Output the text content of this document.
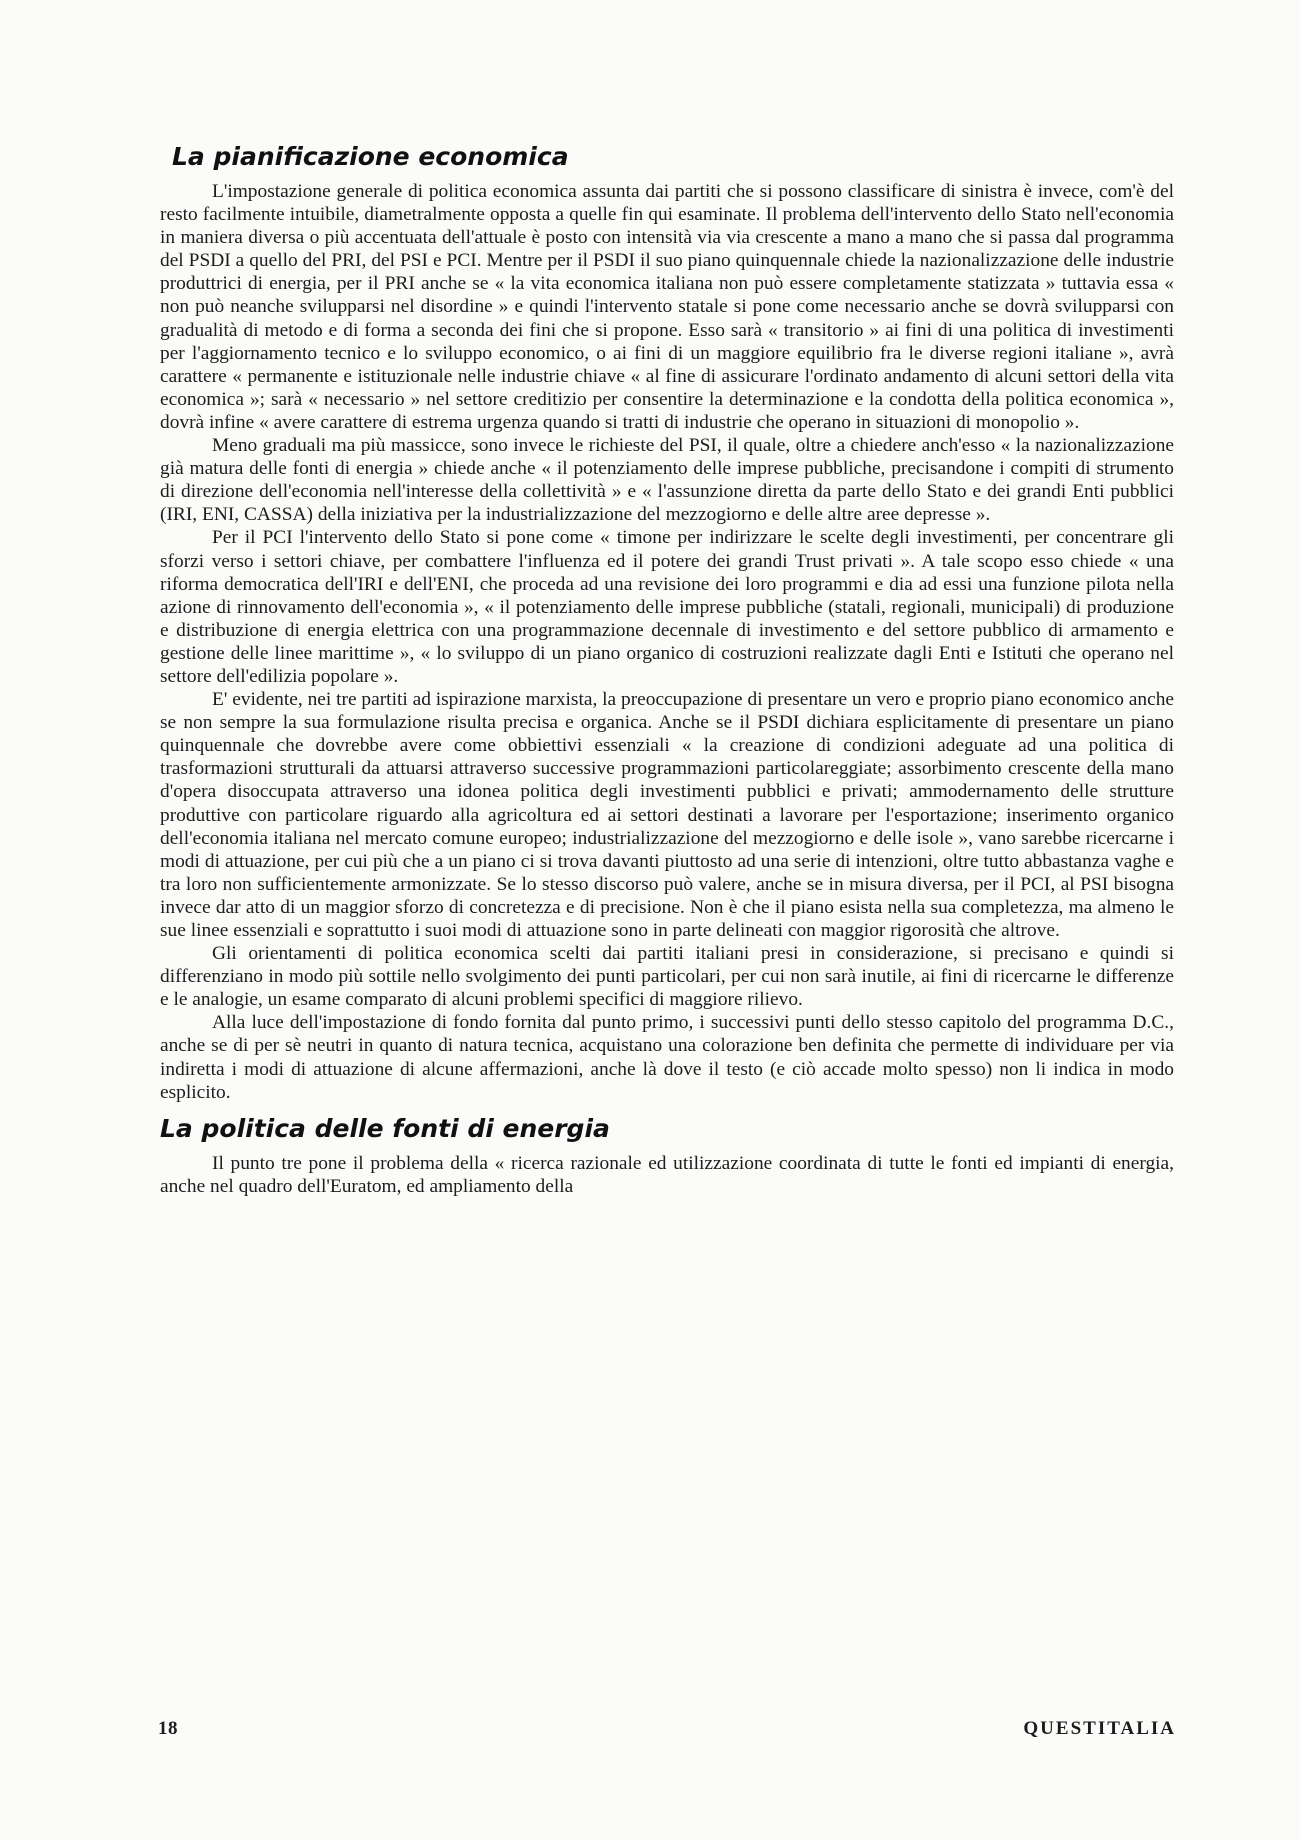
La pianificazione economica

L'impostazione generale di politica economica assunta dai partiti che si possono classificare di sinistra è invece, com'è del resto facilmente intuibile, diametralmente opposta a quelle fin qui esaminate. Il problema dell'intervento dello Stato nell'economia in maniera diversa o più accentuata dell'attuale è posto con intensità via via crescente a mano a mano che si passa dal programma del PSDI a quello del PRI, del PSI e PCI. Mentre per il PSDI il suo piano quinquennale chiede la nazionalizzazione delle industrie produttrici di energia, per il PRI anche se « la vita economica italiana non può essere completamente statizzata » tuttavia essa « non può neanche svilupparsi nel disordine » e quindi l'intervento statale si pone come necessario anche se dovrà svilupparsi con gradualità di metodo e di forma a seconda dei fini che si propone. Esso sarà « transitorio » ai fini di una politica di investimenti per l'aggiornamento tecnico e lo sviluppo economico, o ai fini di un maggiore equilibrio fra le diverse regioni italiane », avrà carattere « permanente e istituzionale nelle industrie chiave « al fine di assicurare l'ordinato andamento di alcuni settori della vita economica »; sarà « necessario » nel settore creditizio per consentire la determinazione e la condotta della politica economica », dovrà infine « avere carattere di estrema urgenza quando si tratti di industrie che operano in situazioni di monopolio ».

Meno graduali ma più massicce, sono invece le richieste del PSI, il quale, oltre a chiedere anch'esso « la nazionalizzazione già matura delle fonti di energia » chiede anche « il potenziamento delle imprese pubbliche, precisandone i compiti di strumento di direzione dell'economia nell'interesse della collettività » e « l'assunzione diretta da parte dello Stato e dei grandi Enti pubblici (IRI, ENI, CASSA) della iniziativa per la industrializzazione del mezzogiorno e delle altre aree depresse ».

Per il PCI l'intervento dello Stato si pone come « timone per indirizzare le scelte degli investimenti, per concentrare gli sforzi verso i settori chiave, per combattere l'influenza ed il potere dei grandi Trust privati ». A tale scopo esso chiede « una riforma democratica dell'IRI e dell'ENI, che proceda ad una revisione dei loro programmi e dia ad essi una funzione pilota nella azione di rinnovamento dell'economia », « il potenziamento delle imprese pubbliche (statali, regionali, municipali) di produzione e distribuzione di energia elettrica con una programmazione decennale di investimento e del settore pubblico di armamento e gestione delle linee marittime », « lo sviluppo di un piano organico di costruzioni realizzate dagli Enti e Istituti che operano nel settore dell'edilizia popolare ».

E' evidente, nei tre partiti ad ispirazione marxista, la preoccupazione di presentare un vero e proprio piano economico anche se non sempre la sua formulazione risulta precisa e organica. Anche se il PSDI dichiara esplicitamente di presentare un piano quinquennale che dovrebbe avere come obbiettivi essenziali « la creazione di condizioni adeguate ad una politica di trasformazioni strutturali da attuarsi attraverso successive programmazioni particolareggiate; assorbimento crescente della mano d'opera disoccupata attraverso una idonea politica degli investimenti pubblici e privati; ammodernamento delle strutture produttive con particolare riguardo alla agricoltura ed ai settori destinati a lavorare per l'esportazione; inserimento organico dell'economia italiana nel mercato comune europeo; industrializzazione del mezzogiorno e delle isole », vano sarebbe ricercarne i modi di attuazione, per cui più che a un piano ci si trova davanti piuttosto ad una serie di intenzioni, oltre tutto abbastanza vaghe e tra loro non sufficientemente armonizzate. Se lo stesso discorso può valere, anche se in misura diversa, per il PCI, al PSI bisogna invece dar atto di un maggior sforzo di concretezza e di precisione. Non è che il piano esista nella sua completezza, ma almeno le sue linee essenziali e soprattutto i suoi modi di attuazione sono in parte delineati con maggior rigorosità che altrove.

Gli orientamenti di politica economica scelti dai partiti italiani presi in considerazione, si precisano e quindi si differenziano in modo più sottile nello svolgimento dei punti particolari, per cui non sarà inutile, ai fini di ricercarne le differenze e le analogie, un esame comparato di alcuni problemi specifici di maggiore rilievo.

Alla luce dell'impostazione di fondo fornita dal punto primo, i successivi punti dello stesso capitolo del programma D.C., anche se di per sè neutri in quanto di natura tecnica, acquistano una colorazione ben definita che permette di individuare per via indiretta i modi di attuazione di alcune affermazioni, anche là dove il testo (e ciò accade molto spesso) non li indica in modo esplicito.

La politica delle fonti di energia

Il punto tre pone il problema della « ricerca razionale ed utilizzazione coordinata di tutte le fonti ed impianti di energia, anche nel quadro dell'Euratom, ed ampliamento della

18	QUESTITALIA
